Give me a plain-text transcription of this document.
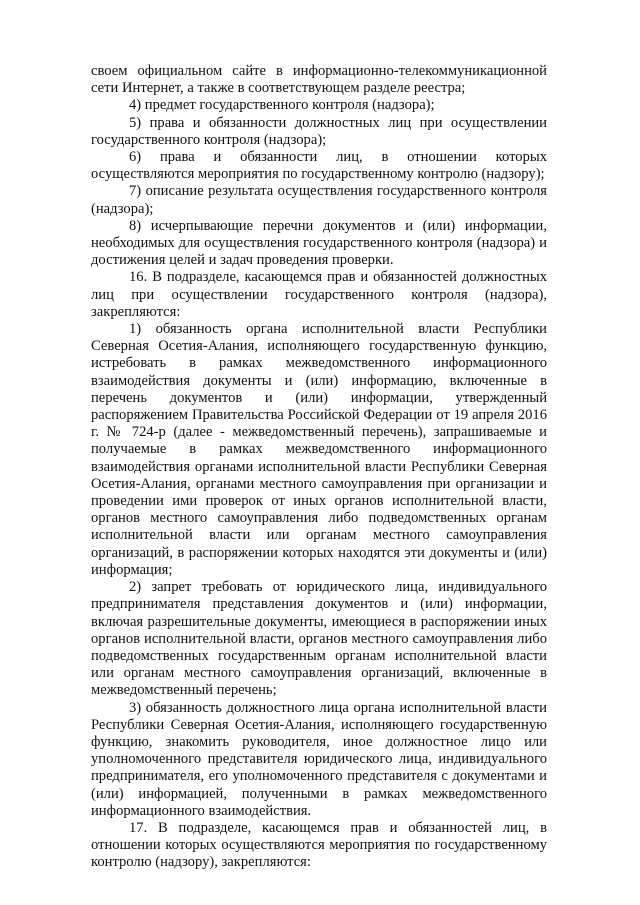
своем официальном сайте в информационно-телекоммуникационной сети Интернет, а также в соответствующем разделе реестра;

4) предмет государственного контроля (надзора);

5) права и обязанности должностных лиц при осуществлении государственного контроля (надзора);

6) права и обязанности лиц, в отношении которых осуществляются мероприятия по государственному контролю (надзору);

7) описание результата осуществления государственного контроля (надзора);

8) исчерпывающие перечни документов и (или) информации, необходимых для осуществления государственного контроля (надзора) и достижения целей и задач проведения проверки.

16. В подразделе, касающемся прав и обязанностей должностных лиц при осуществлении государственного контроля (надзора), закрепляются:

1) обязанность органа исполнительной власти Республики Северная Осетия-Алания, исполняющего государственную функцию, истребовать в рамках межведомственного информационного взаимодействия документы и (или) информацию, включенные в перечень документов и (или) информации, утвержденный распоряжением Правительства Российской Федерации от 19 апреля 2016 г. № 724-р (далее - межведомственный перечень), запрашиваемые и получаемые в рамках межведомственного информационного взаимодействия органами исполнительной власти Республики Северная Осетия-Алания, органами местного самоуправления при организации и проведении ими проверок от иных органов исполнительной власти, органов местного самоуправления либо подведомственных органам исполнительной власти или органам местного самоуправления организаций, в распоряжении которых находятся эти документы и (или) информация;

2) запрет требовать от юридического лица, индивидуального предпринимателя представления документов и (или) информации, включая разрешительные документы, имеющиеся в распоряжении иных органов исполнительной власти, органов местного самоуправления либо подведомственных государственным органам исполнительной власти или органам местного самоуправления организаций, включенные в межведомственный перечень;

3) обязанность должностного лица органа исполнительной власти Республики Северная Осетия-Алания, исполняющего государственную функцию, знакомить руководителя, иное должностное лицо или уполномоченного представителя юридического лица, индивидуального предпринимателя, его уполномоченного представителя с документами и (или) информацией, полученными в рамках межведомственного информационного взаимодействия.

17. В подразделе, касающемся прав и обязанностей лиц, в отношении которых осуществляются мероприятия по государственному контролю (надзору), закрепляются:
